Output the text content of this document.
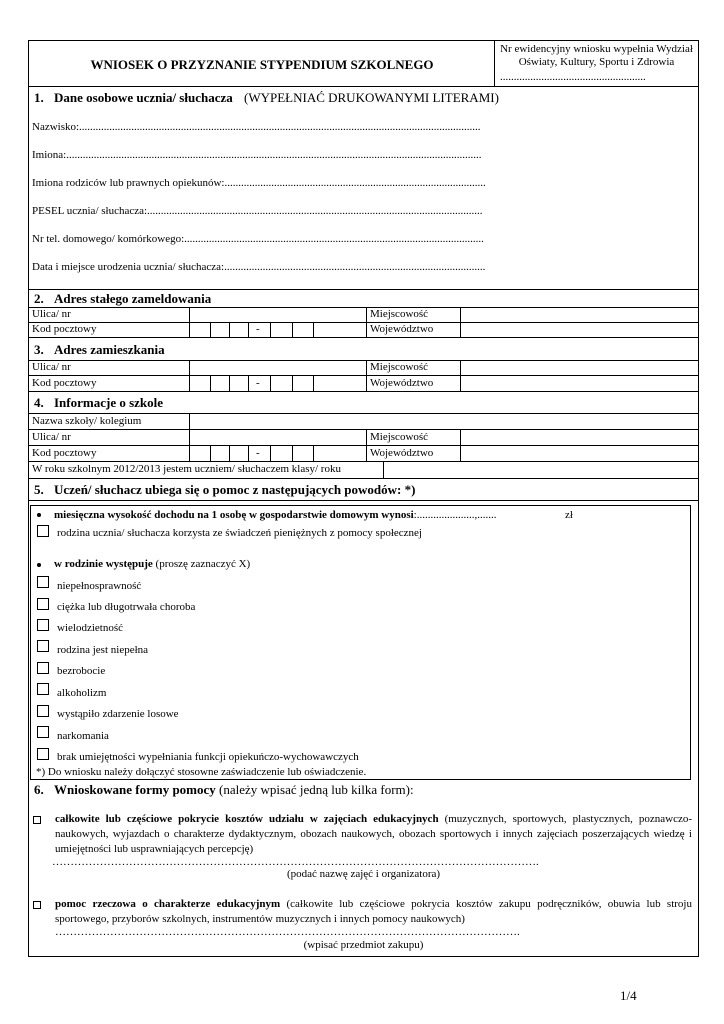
WNIOSEK O PRZYZNANIE STYPENDIUM SZKOLNEGO
Nr ewidencyjny wniosku wypełnia Wydział
Oświaty, Kultury, Sportu i Zdrowia
.....................................................
1. Dane osobowe ucznia/ słuchacza (WYPEŁNIAĆ DRUKOWANYMI LITERAMI)
Nazwisko:..................................................................................................................................................
Imiona:.......................................................................................................................................................
Imiona rodziców lub prawnych opiekunów:...............................................................................................
PESEL ucznia/ słuchacza:..........................................................................................................................
Nr tel. domowego/ komórkowego:.............................................................................................................
Data i miejsce urodzenia ucznia/ słuchacza:...............................................................................................
2. Adres stałego zameldowania
Ulica/ nr	Miejscowość
Kod pocztowy	-	Województwo
3. Adres zamieszkania
Ulica/ nr	Miejscowość
Kod pocztowy	-	Województwo
4. Informacje o szkole
Nazwa szkoły/ kolegium
Ulica/ nr	Miejscowość
Kod pocztowy	-	Województwo
W roku szkolnym 2012/2013 jestem uczniem/ słuchaczem klasy/ roku
5. Uczeń/ słuchacz ubiega się o pomoc z następujących powodów: *)
miesięczna wysokość dochodu na 1 osobę w gospodarstwie domowym wynosi:.....................,.......	zł
rodzina ucznia/ słuchacza korzysta ze świadczeń pieniężnych z pomocy społecznej
w rodzinie występuje (proszę zaznaczyć X)
niepełnosprawność
ciężka lub długotrwała choroba
wielodzietność
rodzina jest niepełna
bezrobocie
alkoholizm
wystąpiło zdarzenie losowe
narkomania
brak umiejętności wypełniania funkcji opiekuńczo-wychowawczych
*) Do wniosku należy dołączyć stosowne zaświadczenie lub oświadczenie.
6. Wnioskowane formy pomocy (należy wpisać jedną lub kilka form):
całkowite lub częściowe pokrycie kosztów udziału w zajęciach edukacyjnych (muzycznych, sportowych, plastycznych, poznawczo-naukowych, wyjazdach o charakterze dydaktycznym, obozach naukowych, obozach sportowych i innych zajęciach poszerzających wiedzę i umiejętności lub usprawniających percepcję)
…………………………………………………………………………………………………………………….
(podać nazwę zajęć i organizatora)
pomoc rzeczowa o charakterze edukacyjnym (całkowite lub częściowe pokrycia kosztów zakupu podręczników, obuwia lub stroju sportowego, przyborów szkolnych, instrumentów muzycznych i innych pomocy naukowych)
……………………………………………………………………………………………………………….
(wpisać przedmiot zakupu)
1/4
